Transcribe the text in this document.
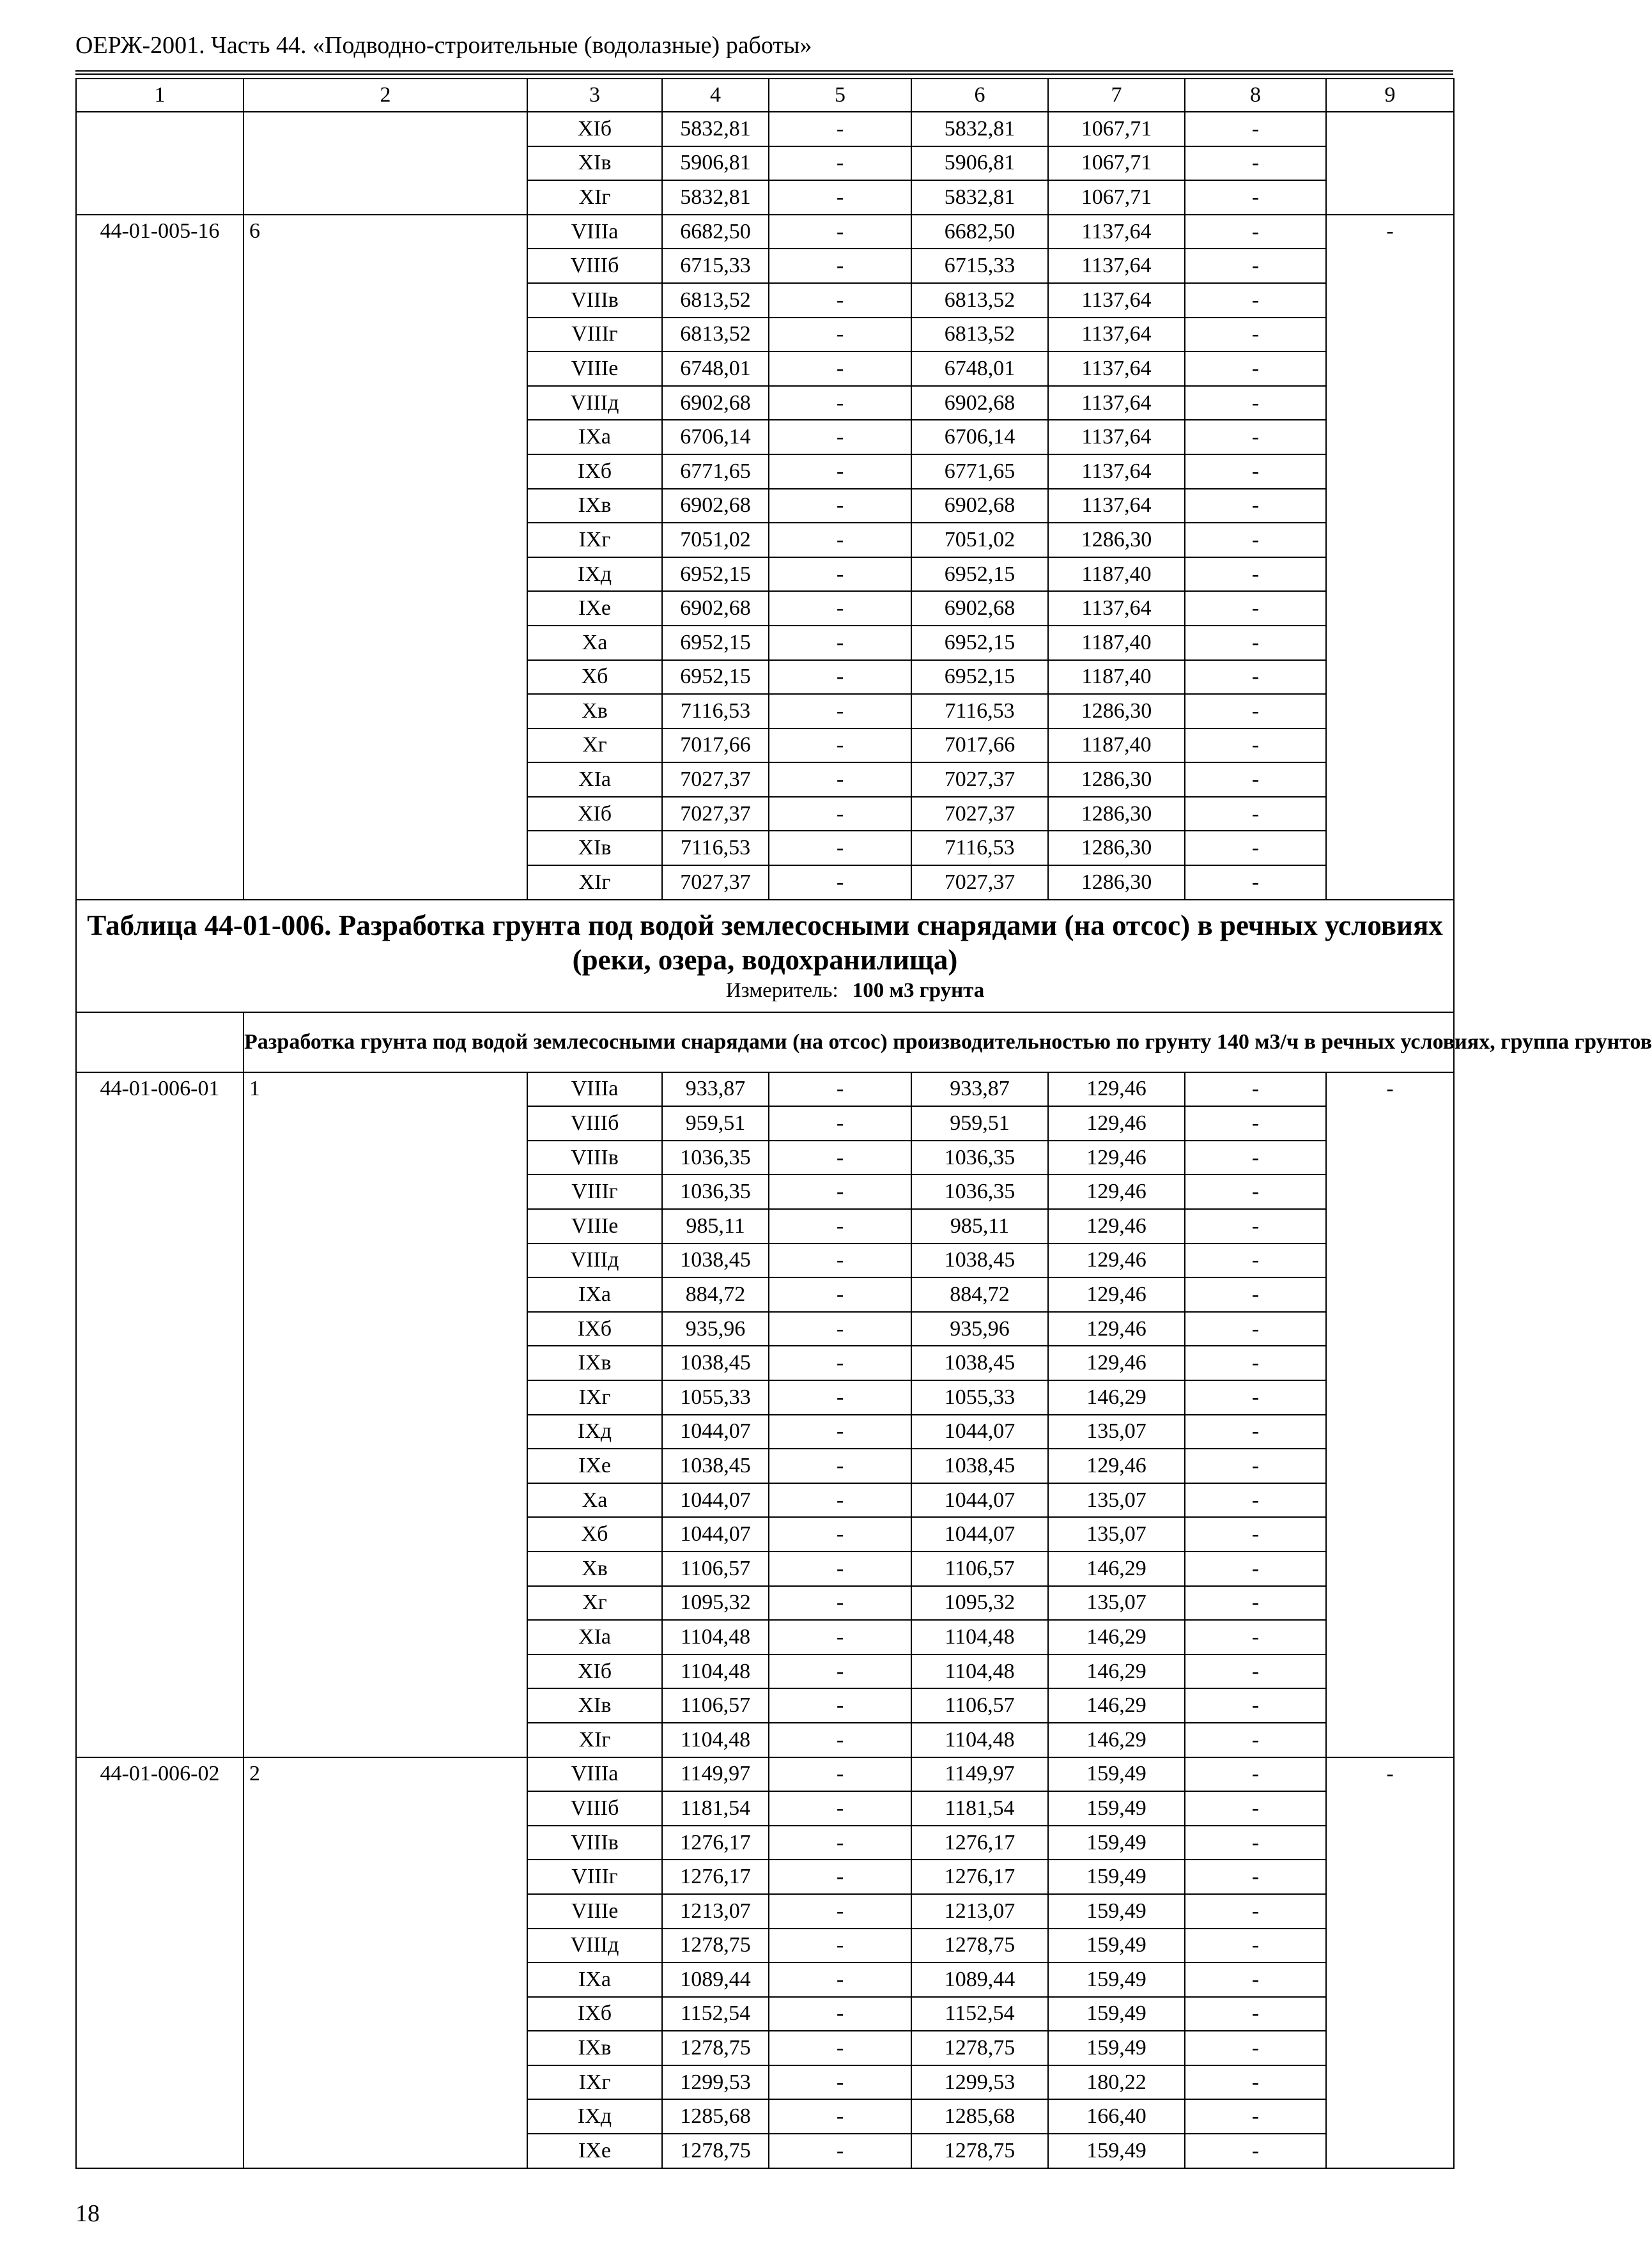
ОЕРЖ-2001. Часть 44. «Подводно-строительные (водолазные) работы»
1	2	3	4	5	6	7	8	9
		XIб	5832,81	-	5832,81	1067,71	-	
		XIв	5906,81	-	5906,81	1067,71	-	
		XIг	5832,81	-	5832,81	1067,71	-	
44-01-005-16	6	VIIIа	6682,50	-	6682,50	1137,64	-	-
		VIIIб	6715,33	-	6715,33	1137,64	-	
		VIIIв	6813,52	-	6813,52	1137,64	-	
		VIIIг	6813,52	-	6813,52	1137,64	-	
		VIIIе	6748,01	-	6748,01	1137,64	-	
		VIIIд	6902,68	-	6902,68	1137,64	-	
		IXа	6706,14	-	6706,14	1137,64	-	
		IXб	6771,65	-	6771,65	1137,64	-	
		IXв	6902,68	-	6902,68	1137,64	-	
		IXг	7051,02	-	7051,02	1286,30	-	
		IXд	6952,15	-	6952,15	1187,40	-	
		IXе	6902,68	-	6902,68	1137,64	-	
		Xа	6952,15	-	6952,15	1187,40	-	
		Xб	6952,15	-	6952,15	1187,40	-	
		Xв	7116,53	-	7116,53	1286,30	-	
		Xг	7017,66	-	7017,66	1187,40	-	
		XIа	7027,37	-	7027,37	1286,30	-	
		XIб	7027,37	-	7027,37	1286,30	-	
		XIв	7116,53	-	7116,53	1286,30	-	
		XIг	7027,37	-	7027,37	1286,30	-	

Таблица 44-01-006. Разработка грунта под водой землесосными снарядами (на отсос) в речных условиях (реки, озера, водохранилища)
Измеритель: 100 м3 грунта								

	Разработка грунта под водой землесосными снарядами (на отсос) производительностью по грунту 140 м3/ч в речных условиях, группа грунтов							
44-01-006-01	1	VIIIа	933,87	-	933,87	129,46	-	-
		VIIIб	959,51	-	959,51	129,46	-	
		VIIIв	1036,35	-	1036,35	129,46	-	
		VIIIг	1036,35	-	1036,35	129,46	-	
		VIIIе	985,11	-	985,11	129,46	-	
		VIIIд	1038,45	-	1038,45	129,46	-	
		IXа	884,72	-	884,72	129,46	-	
		IXб	935,96	-	935,96	129,46	-	
		IXв	1038,45	-	1038,45	129,46	-	
		IXг	1055,33	-	1055,33	146,29	-	
		IXд	1044,07	-	1044,07	135,07	-	
		IXе	1038,45	-	1038,45	129,46	-	
		Xа	1044,07	-	1044,07	135,07	-	
		Xб	1044,07	-	1044,07	135,07	-	
		Xв	1106,57	-	1106,57	146,29	-	
		Xг	1095,32	-	1095,32	135,07	-	
		XIа	1104,48	-	1104,48	146,29	-	
		XIб	1104,48	-	1104,48	146,29	-	
		XIв	1106,57	-	1106,57	146,29	-	
		XIг	1104,48	-	1104,48	146,29	-	
44-01-006-02	2	VIIIа	1149,97	-	1149,97	159,49	-	-
		VIIIб	1181,54	-	1181,54	159,49	-	
		VIIIв	1276,17	-	1276,17	159,49	-	
		VIIIг	1276,17	-	1276,17	159,49	-	
		VIIIе	1213,07	-	1213,07	159,49	-	
		VIIIд	1278,75	-	1278,75	159,49	-	
		IXа	1089,44	-	1089,44	159,49	-	
		IXб	1152,54	-	1152,54	159,49	-	
		IXв	1278,75	-	1278,75	159,49	-	
		IXг	1299,53	-	1299,53	180,22	-	
		IXд	1285,68	-	1285,68	166,40	-	
		IXе	1278,75	-	1278,75	159,49	-	
18
